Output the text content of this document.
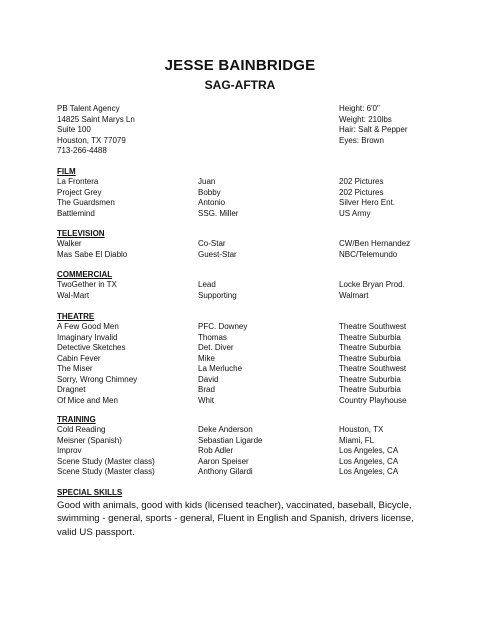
JESSE BAINBRIDGE
SAG-AFTRA
PB Talent Agency
14825 Saint Marys Ln
Suite 100
Houston, TX 77079
713-266-4488
Height: 6'0"
Weight: 210lbs
Hair: Salt & Pepper
Eyes: Brown
FILM
La Frontera	Juan	202 Pictures
Project Grey	Bobby	202 Pictures
The Guardsmen	Antonio	Silver Hero Ent.
Battlemind	SSG. Miller	US Army
TELEVISION
Walker	Co-Star	CW/Ben Hernandez
Mas Sabe El Diablo	Guest-Star	NBC/Telemundo
COMMERCIAL
TwoGether in TX	Lead	Locke Bryan Prod.
Wal-Mart	Supporting	Walmart
THEATRE
A Few Good Men	PFC. Downey	Theatre Southwest
Imaginary Invalid	Thomas	Theatre Suburbia
Detective Sketches	Det. Diver	Theatre Suburbia
Cabin Fever	Mike	Theatre Suburbia
The Miser	La Merluche	Theatre Southwest
Sorry, Wrong Chimney	David	Theatre Suburbia
Dragnet	Brad	Theatre Suburbia
Of Mice and Men	Whit	Country Playhouse
TRAINING
Cold Reading	Deke Anderson	Houston, TX
Meisner (Spanish)	Sebastian Ligarde	Miami, FL
Improv	Rob Adler	Los Angeles, CA
Scene Study (Master class)	Aaron Speiser	Los Angeles, CA
Scene Study (Master class)	Anthony Gilardi	Los Angeles, CA
SPECIAL SKILLS
Good with animals, good with kids (licensed teacher), vaccinated, baseball, Bicycle, swimming - general, sports - general, Fluent in English and Spanish, drivers license, valid US passport.
